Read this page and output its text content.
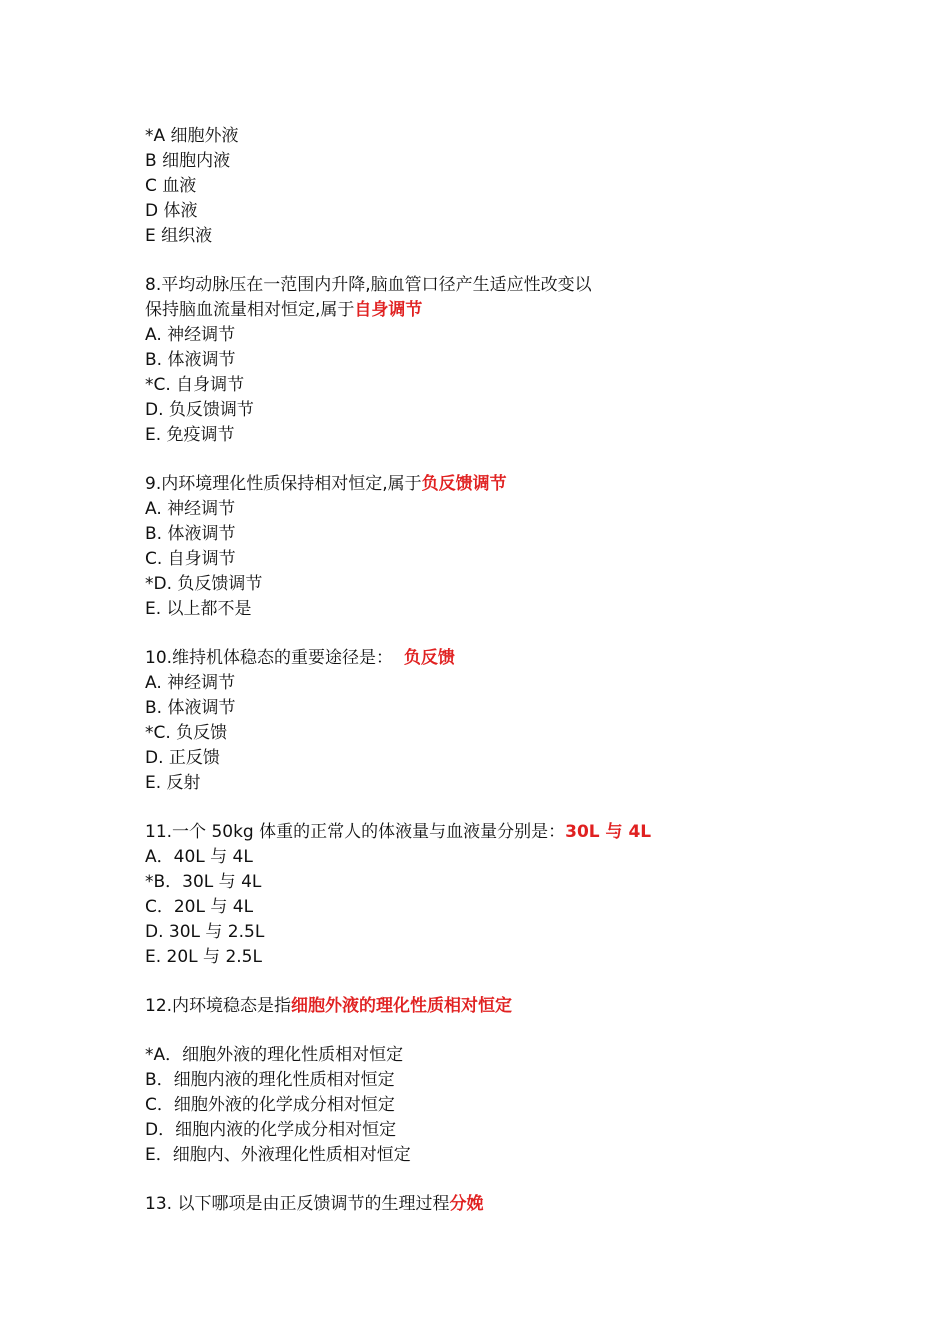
*A 细胞外液
B 细胞内液
C 血液
D 体液
E 组织液
8.平均动脉压在一范围内升降,脑血管口径产生适应性改变以
保持脑血流量相对恒定,属于自身调节
A. 神经调节
B. 体液调节
*C. 自身调节
D. 负反馈调节
E. 免疫调节
9.内环境理化性质保持相对恒定,属于负反馈调节
A. 神经调节
B. 体液调节
C. 自身调节
*D. 负反馈调节
E. 以上都不是
10.维持机体稳态的重要途径是：  负反馈
A. 神经调节
B. 体液调节
*C. 负反馈
D. 正反馈
E. 反射
11.一个 50kg 体重的正常人的体液量与血液量分别是：30L 与 4L
A．40L 与 4L
*B．30L 与 4L
C．20L 与 4L
D. 30L 与 2.5L
E. 20L 与 2.5L
12.内环境稳态是指细胞外液的理化性质相对恒定
*A．细胞外液的理化性质相对恒定
B．细胞内液的理化性质相对恒定
C．细胞外液的化学成分相对恒定
D．细胞内液的化学成分相对恒定
E．细胞内、外液理化性质相对恒定
13. 以下哪项是由正反馈调节的生理过程分娩
